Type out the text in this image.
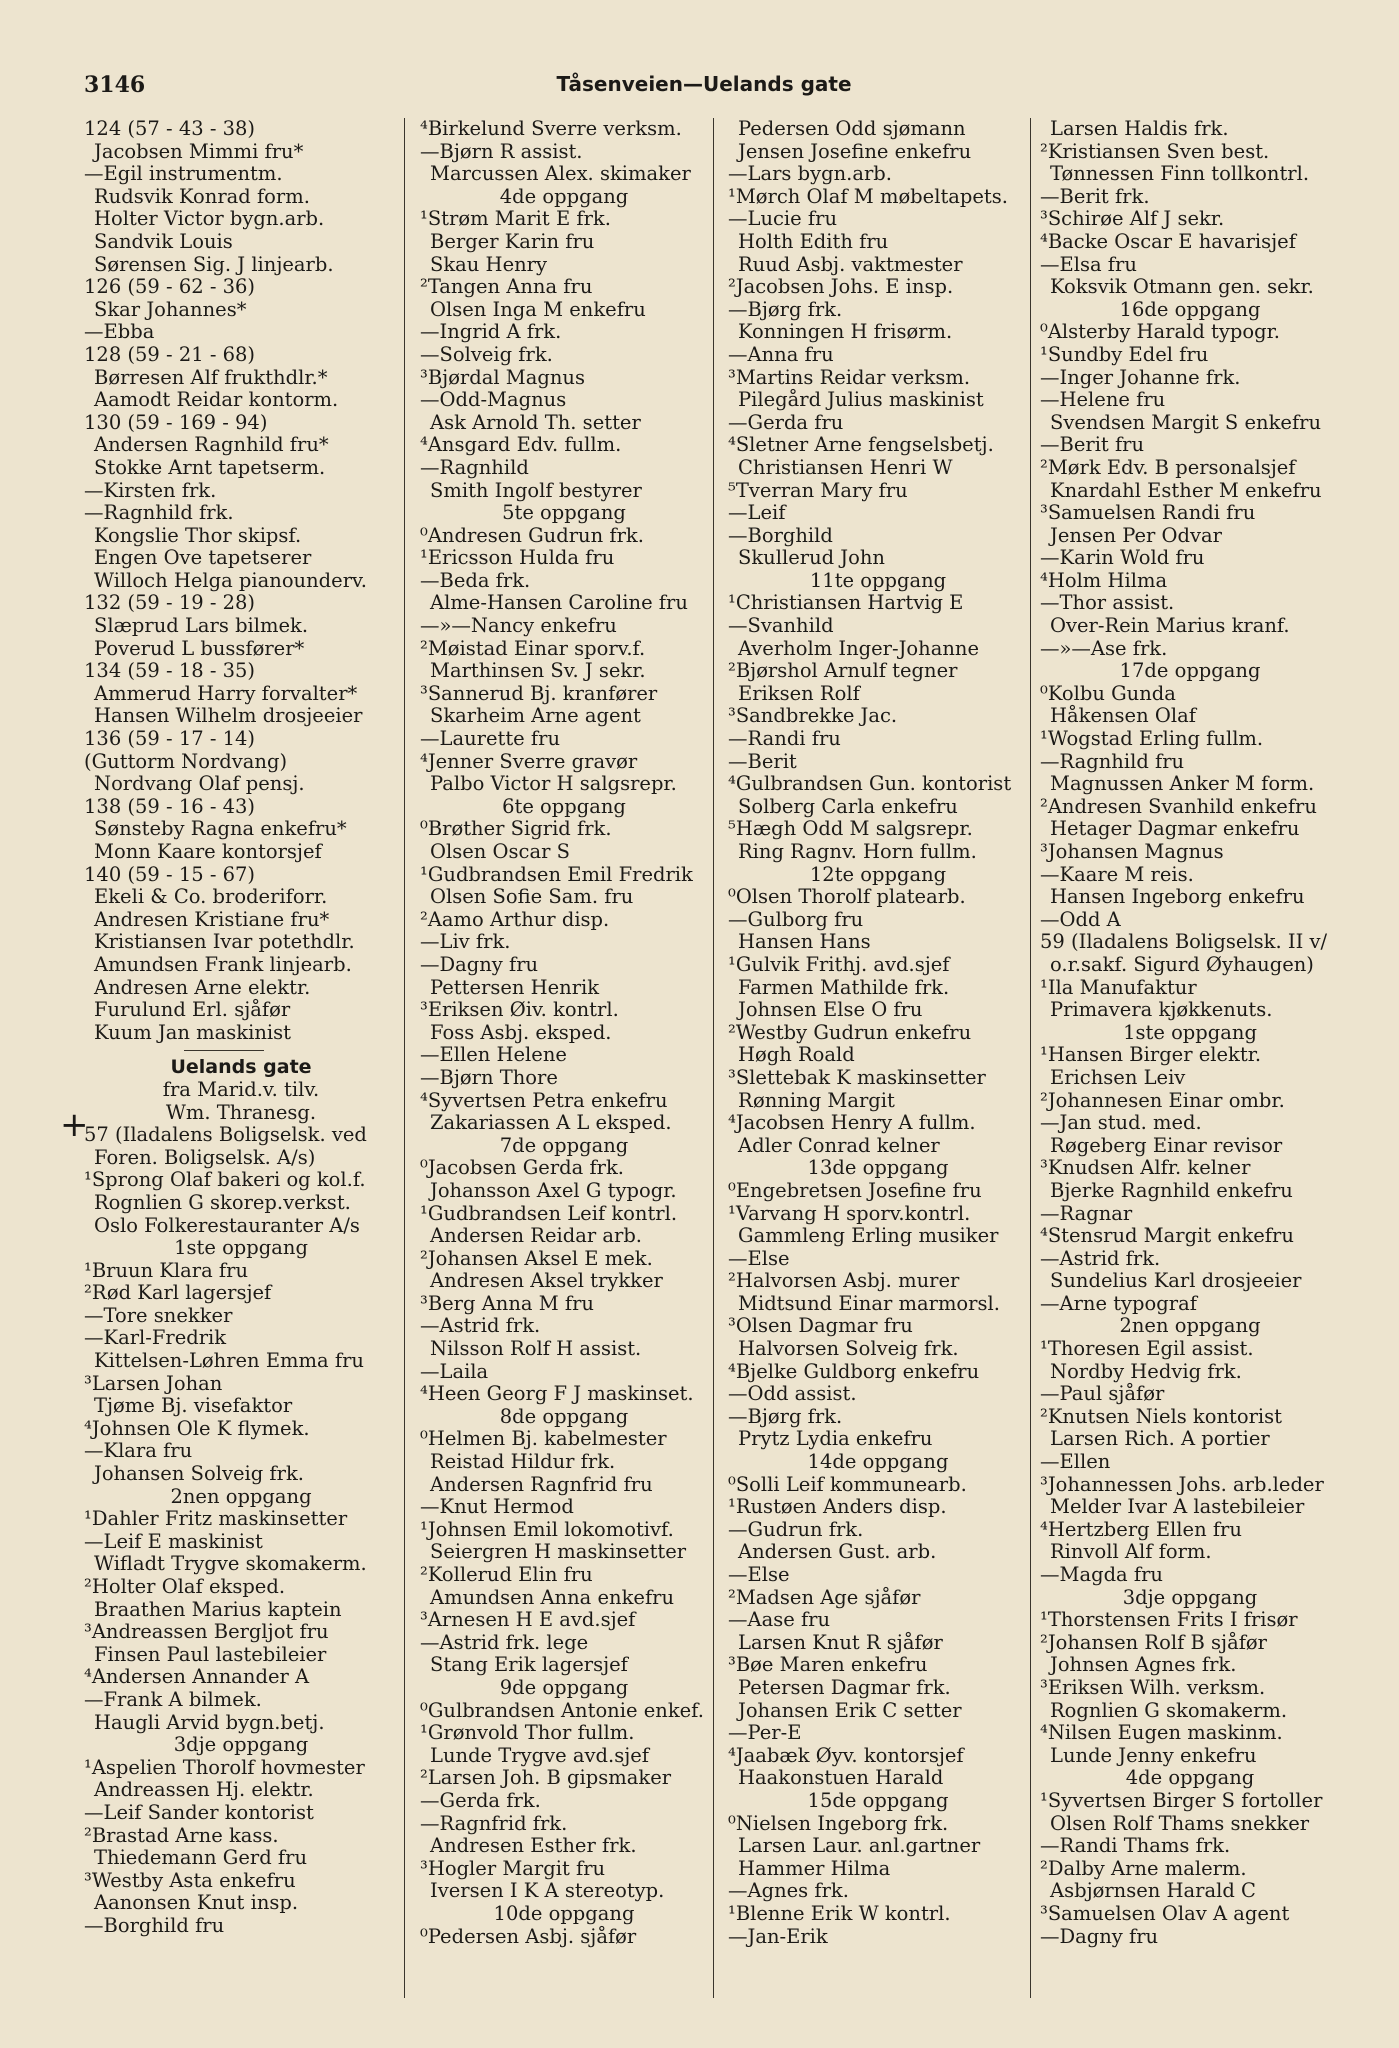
3146	Tåsenveien—Uelands gate
+
124 (57 - 43 - 38)
Jacobsen Mimmi fru*
—Egil instrumentm.
Rudsvik Konrad form.
Holter Victor bygn.arb.
Sandvik Louis
Sørensen Sig. J linjearb.
126 (59 - 62 - 36)
Skar Johannes*
—Ebba
128 (59 - 21 - 68)
Børresen Alf frukthdlr.*
Aamodt Reidar kontorm.
130 (59 - 169 - 94)
Andersen Ragnhild fru*
Stokke Arnt tapetserm.
—Kirsten frk.
—Ragnhild frk.
Kongslie Thor skipsf.
Engen Ove tapetserer
Willoch Helga pianounderv.
132 (59 - 19 - 28)
Slæprud Lars bilmek.
Poverud L bussfører*
134 (59 - 18 - 35)
Ammerud Harry forvalter*
Hansen Wilhelm drosjeeier
136 (59 - 17 - 14)
(Guttorm Nordvang)
Nordvang Olaf pensj.
138 (59 - 16 - 43)
Sønsteby Ragna enkefru*
Monn Kaare kontorsjef
140 (59 - 15 - 67)
Ekeli & Co. broderiforr.
Andresen Kristiane fru*
Kristiansen Ivar potethdlr.
Amundsen Frank linjearb.
Andresen Arne elektr.
Furulund Erl. sjåfør
Kuum Jan maskinist
Uelands gate
fra Marid.v. tilv.
Wm. Thranesg.
57 (Iladalens Boligselsk. ved
Foren. Boligselsk. A/s)
¹Sprong Olaf bakeri og kol.f.
Rognlien G skorep.verkst.
Oslo Folkerestauranter A/s
1ste oppgang
¹Bruun Klara fru
²Rød Karl lagersjef
—Tore snekker
—Karl-Fredrik
Kittelsen-Løhren Emma fru
³Larsen Johan
Tjøme Bj. visefaktor
⁴Johnsen Ole K flymek.
—Klara fru
Johansen Solveig frk.
2nen oppgang
¹Dahler Fritz maskinsetter
—Leif E maskinist
Wifladt Trygve skomakerm.
²Holter Olaf eksped.
Braathen Marius kaptein
³Andreassen Bergljot fru
Finsen Paul lastebileier
⁴Andersen Annander A
—Frank A bilmek.
Haugli Arvid bygn.betj.
3dje oppgang
¹Aspelien Thorolf hovmester
Andreassen Hj. elektr.
—Leif Sander kontorist
²Brastad Arne kass.
Thiedemann Gerd fru
³Westby Asta enkefru
Aanonsen Knut insp.
—Borghild fru
⁴Birkelund Sverre verksm.
—Bjørn R assist.
Marcussen Alex. skimaker
4de oppgang
¹Strøm Marit E frk.
Berger Karin fru
Skau Henry
²Tangen Anna fru
Olsen Inga M enkefru
—Ingrid A frk.
—Solveig frk.
³Bjørdal Magnus
—Odd-Magnus
Ask Arnold Th. setter
⁴Ansgard Edv. fullm.
—Ragnhild
Smith Ingolf bestyrer
5te oppgang
⁰Andresen Gudrun frk.
¹Ericsson Hulda fru
—Beda frk.
Alme-Hansen Caroline fru
—»—Nancy enkefru
²Møistad Einar sporv.f.
Marthinsen Sv. J sekr.
³Sannerud Bj. kranfører
Skarheim Arne agent
—Laurette fru
⁴Jenner Sverre gravør
Palbo Victor H salgsrepr.
6te oppgang
⁰Brøther Sigrid frk.
Olsen Oscar S
¹Gudbrandsen Emil Fredrik
Olsen Sofie Sam. fru
²Aamo Arthur disp.
—Liv frk.
—Dagny fru
Pettersen Henrik
³Eriksen Øiv. kontrl.
Foss Asbj. eksped.
—Ellen Helene
—Bjørn Thore
⁴Syvertsen Petra enkefru
Zakariassen A L eksped.
7de oppgang
⁰Jacobsen Gerda frk.
Johansson Axel G typogr.
¹Gudbrandsen Leif kontrl.
Andersen Reidar arb.
²Johansen Aksel E mek.
Andresen Aksel trykker
³Berg Anna M fru
—Astrid frk.
Nilsson Rolf H assist.
—Laila
⁴Heen Georg F J maskinset.
8de oppgang
⁰Helmen Bj. kabelmester
Reistad Hildur frk.
Andersen Ragnfrid fru
—Knut Hermod
¹Johnsen Emil lokomotivf.
Seiergren H maskinsetter
²Kollerud Elin fru
Amundsen Anna enkefru
³Arnesen H E avd.sjef
—Astrid frk. lege
Stang Erik lagersjef
9de oppgang
⁰Gulbrandsen Antonie enkef.
¹Grønvold Thor fullm.
Lunde Trygve avd.sjef
²Larsen Joh. B gipsmaker
—Gerda frk.
—Ragnfrid frk.
Andresen Esther frk.
³Hogler Margit fru
Iversen I K A stereotyp.
10de oppgang
⁰Pedersen Asbj. sjåfør
Pedersen Odd sjømann
Jensen Josefine enkefru
—Lars bygn.arb.
¹Mørch Olaf M møbeltapets.
—Lucie fru
Holth Edith fru
Ruud Asbj. vaktmester
²Jacobsen Johs. E insp.
—Bjørg frk.
Konningen H frisørm.
—Anna fru
³Martins Reidar verksm.
Pilegård Julius maskinist
—Gerda fru
⁴Sletner Arne fengselsbetj.
Christiansen Henri W
⁵Tverran Mary fru
—Leif
—Borghild
Skullerud John
11te oppgang
¹Christiansen Hartvig E
—Svanhild
Averholm Inger-Johanne
²Bjørshol Arnulf tegner
Eriksen Rolf
³Sandbrekke Jac.
—Randi fru
—Berit
⁴Gulbrandsen Gun. kontorist
Solberg Carla enkefru
⁵Hægh Odd M salgsrepr.
Ring Ragnv. Horn fullm.
12te oppgang
⁰Olsen Thorolf platearb.
—Gulborg fru
Hansen Hans
¹Gulvik Frithj. avd.sjef
Farmen Mathilde frk.
Johnsen Else O fru
²Westby Gudrun enkefru
Høgh Roald
³Slettebak K maskinsetter
Rønning Margit
⁴Jacobsen Henry A fullm.
Adler Conrad kelner
13de oppgang
⁰Engebretsen Josefine fru
¹Varvang H sporv.kontrl.
Gammleng Erling musiker
—Else
²Halvorsen Asbj. murer
Midtsund Einar marmorsl.
³Olsen Dagmar fru
Halvorsen Solveig frk.
⁴Bjelke Guldborg enkefru
—Odd assist.
—Bjørg frk.
Prytz Lydia enkefru
14de oppgang
⁰Solli Leif kommunearb.
¹Rustøen Anders disp.
—Gudrun frk.
Andersen Gust. arb.
—Else
²Madsen Age sjåfør
—Aase fru
Larsen Knut R sjåfør
³Bøe Maren enkefru
Petersen Dagmar frk.
Johansen Erik C setter
—Per-E
⁴Jaabæk Øyv. kontorsjef
Haakonstuen Harald
15de oppgang
⁰Nielsen Ingeborg frk.
Larsen Laur. anl.gartner
Hammer Hilma
—Agnes frk.
¹Blenne Erik W kontrl.
—Jan-Erik
Larsen Haldis frk.
²Kristiansen Sven best.
Tønnessen Finn tollkontrl.
—Berit frk.
³Schirøe Alf J sekr.
⁴Backe Oscar E havarisjef
—Elsa fru
Koksvik Otmann gen. sekr.
16de oppgang
⁰Alsterby Harald typogr.
¹Sundby Edel fru
—Inger Johanne frk.
—Helene fru
Svendsen Margit S enkefru
—Berit fru
²Mørk Edv. B personalsjef
Knardahl Esther M enkefru
³Samuelsen Randi fru
Jensen Per Odvar
—Karin Wold fru
⁴Holm Hilma
—Thor assist.
Over-Rein Marius kranf.
—»—Ase frk.
17de oppgang
⁰Kolbu Gunda
Håkensen Olaf
¹Wogstad Erling fullm.
—Ragnhild fru
Magnussen Anker M form.
²Andresen Svanhild enkefru
Hetager Dagmar enkefru
³Johansen Magnus
—Kaare M reis.
Hansen Ingeborg enkefru
—Odd A
59 (Iladalens Boligselsk. II v/
o.r.sakf. Sigurd Øyhaugen)
¹Ila Manufaktur
Primavera kjøkkenuts.
1ste oppgang
¹Hansen Birger elektr.
Erichsen Leiv
²Johannesen Einar ombr.
—Jan stud. med.
Røgeberg Einar revisor
³Knudsen Alfr. kelner
Bjerke Ragnhild enkefru
—Ragnar
⁴Stensrud Margit enkefru
—Astrid frk.
Sundelius Karl drosjeeier
—Arne typograf
2nen oppgang
¹Thoresen Egil assist.
Nordby Hedvig frk.
—Paul sjåfør
²Knutsen Niels kontorist
Larsen Rich. A portier
—Ellen
³Johannessen Johs. arb.leder
Melder Ivar A lastebileier
⁴Hertzberg Ellen fru
Rinvoll Alf form.
—Magda fru
3dje oppgang
¹Thorstensen Frits I frisør
²Johansen Rolf B sjåfør
Johnsen Agnes frk.
³Eriksen Wilh. verksm.
Rognlien G skomakerm.
⁴Nilsen Eugen maskinm.
Lunde Jenny enkefru
4de oppgang
¹Syvertsen Birger S fortoller
Olsen Rolf Thams snekker
—Randi Thams frk.
²Dalby Arne malerm.
Asbjørnsen Harald C
³Samuelsen Olav A agent
—Dagny fru
